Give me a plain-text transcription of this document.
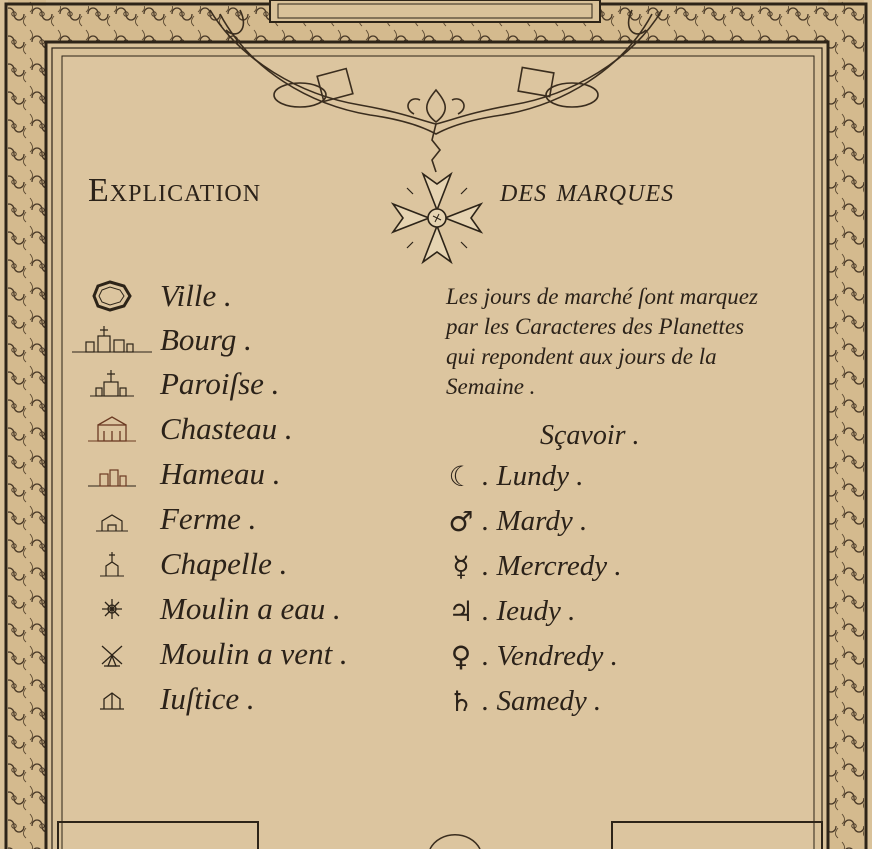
Explication	des marques
Ville .
Bourg .
Paroiſse .
Chasteau .
Hameau .
Ferme .
Chapelle .
Moulin a eau .
Moulin a vent .
Iuſtice .
Les jours de marché ſont marquez
par les Caracteres des Planettes
qui repondent aux jours de la
Semaine .
Sçavoir .
☾ . Lundy .
♂ . Mardy .
☿ . Mercredy .
♃ . Ieudy .
♀ . Vendredy .
♄ . Samedy .
